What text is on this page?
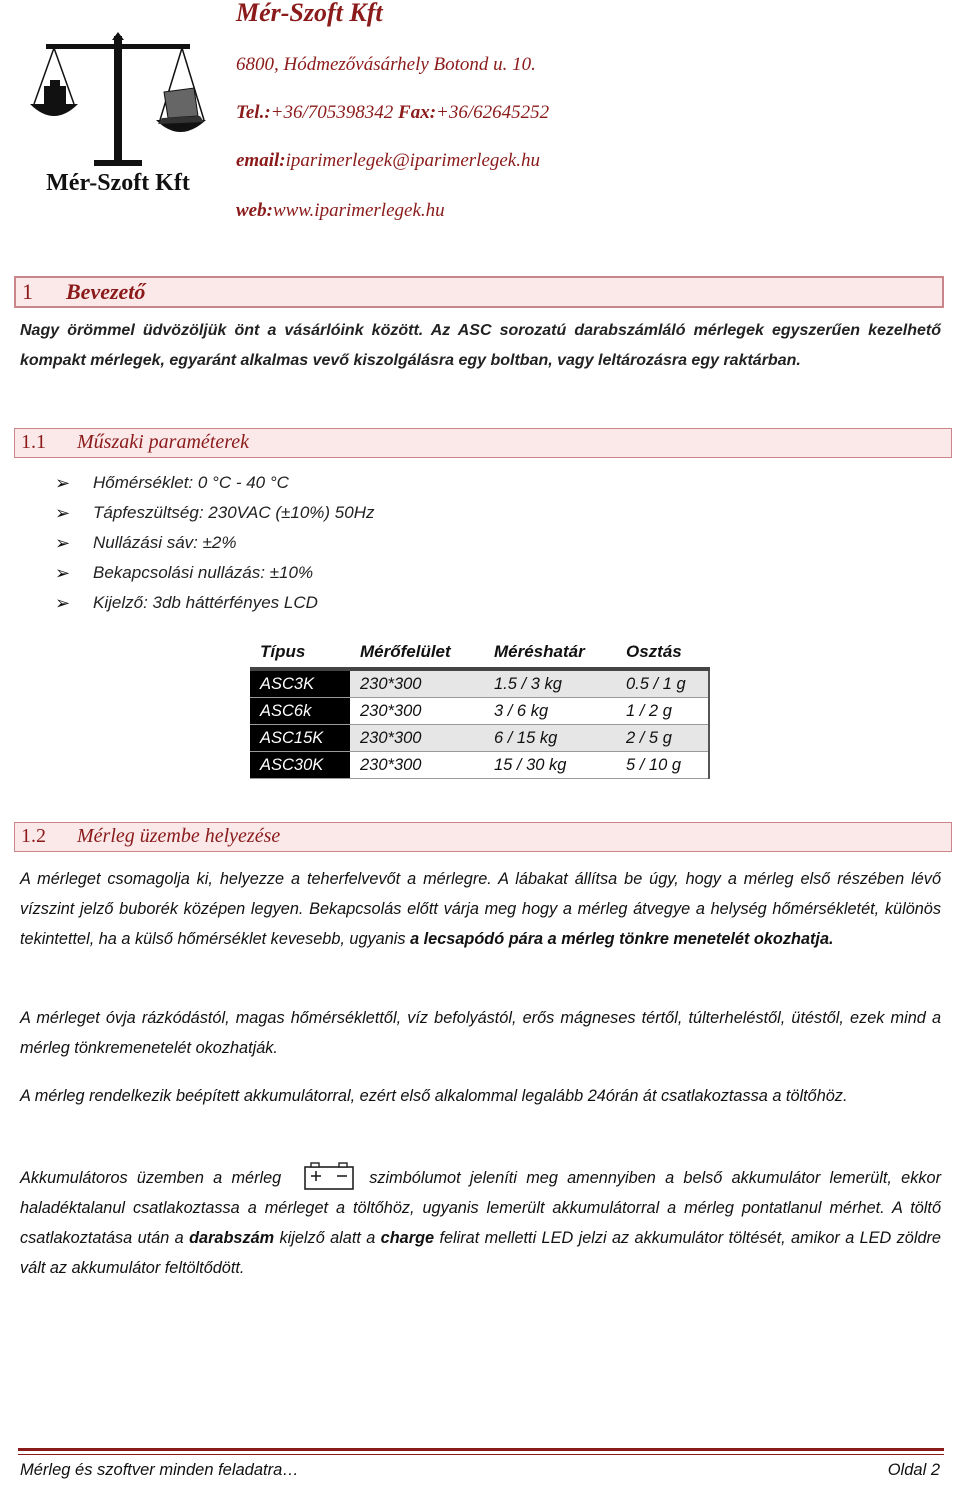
Mér-Szoft Kft
Mér-Szoft Kft
6800, Hódmezővásárhely Botond u. 10.
Tel.:+36/705398342 Fax:+36/62645252
email:iparimerlegek@iparimerlegek.hu
web:www.iparimerlegek.hu
1 Bevezető

Nagy örömmel üdvözöljük önt a vásárlóink között. Az ASC sorozatú darabszámláló mérlegek egyszerűen kezelhető kompakt mérlegek, egyaránt alkalmas vevő kiszolgálásra egy boltban, vagy leltározásra egy raktárban.

1.1 Műszaki paraméterek
➢	Hőmérséklet: 0 °C - 40 °C
➢	Tápfeszültség: 230VAC (±10%) 50Hz
➢	Nullázási sáv: ±2%
➢	Bekapcsolási nullázás: ±10%
➢	Kijelző: 3db háttérfényes LCD
Típus	Mérőfelület	Méréshatár	Osztás
ASC3K	230*300	1.5 / 3 kg	0.5 / 1 g
ASC6k	230*300	3 / 6 kg	1 / 2 g
ASC15K	230*300	6 / 15 kg	2 / 5 g
ASC30K	230*300	15 / 30 kg	5 / 10 g
1.2 Mérleg üzembe helyezése

A mérleget csomagolja ki, helyezze a teherfelvevőt a mérlegre. A lábakat állítsa be úgy, hogy a mérleg első részében lévő vízszint jelző buborék középen legyen. Bekapcsolás előtt várja meg hogy a mérleg átvegye a helység hőmérsékletét, különös tekintettel, ha a külső hőmérséklet kevesebb, ugyanis a lecsapódó pára a mérleg tönkre menetelét okozhatja.

A mérleget óvja rázkódástól, magas hőmérséklettől, víz befolyástól, erős mágneses tértől, túlterheléstől, ütéstől, ezek mind a mérleg tönkremenetelét okozhatják.

A mérleg rendelkezik beépített akkumulátorral, ezért első alkalommal legalább 24órán át csatlakoztassa a töltőhöz.

Akkumulátoros üzemben a mérleg	szimbólumot jeleníti meg amennyiben a belső akkumulátor lemerült, ekkor haladéktalanul csatlakoztassa a mérleget a töltőhöz, ugyanis lemerült akkumulátorral a mérleg pontatlanul mérhet. A töltő csatlakoztatása után a darabszám kijelző alatt a charge felirat melletti LED jelzi az akkumulátor töltését, amikor a LED zöldre vált az akkumulátor feltöltődött.

Mérleg és szoftver minden feladatra…	Oldal 2
